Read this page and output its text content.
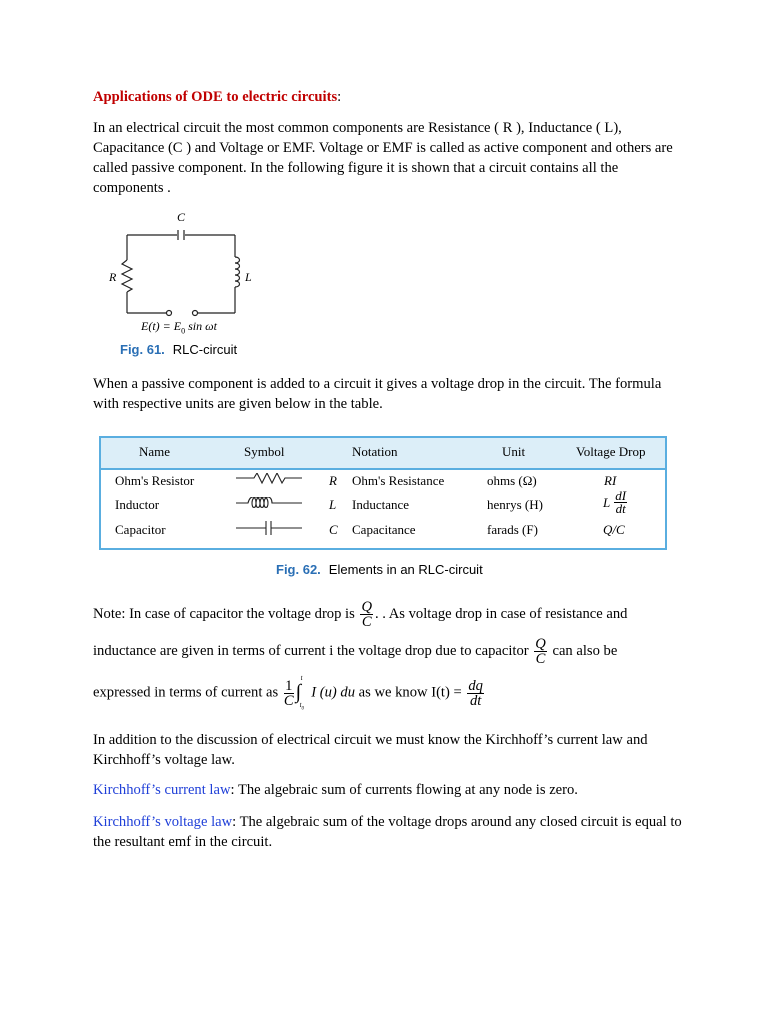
Applications of ODE to electric circuits:

In an electrical circuit the most common components are Resistance ( R ), Inductance ( L), Capacitance (C ) and Voltage or EMF. Voltage or EMF is called as active component and others are called passive component. In the following figure it is shown that a circuit contains all the components .

When a passive component is added to a circuit it gives a voltage drop in the circuit. The formula with respective units are given below in the table.

Note: In case of capacitor the voltage drop is $\frac{Q}{C}$ . . As voltage drop in case of resistance and

inductance are given in terms of current i the voltage drop due to capacitor $\frac{Q}{C}$ can also be

expressed in terms of current as $\frac{1}{C}$
t
∫
$t_0$
I (u) du as we know $I(t) = \frac{dq}{dt}$

In addition to the discussion of electrical circuit we must know the Kirchhoff’s current law and Kirchhoff’s voltage law.

Kirchhoff’s current law: The algebraic sum of currents flowing at any node is zero.

Kirchhoff’s voltage law: The algebraic sum of the voltage drops around any closed circuit is equal to the resultant emf in the circuit.

C
R	L
$E(t) = E_0$ sin ωt
Fig. 61. RLC-circuit
Name	Symbol	Notation	Unit	Voltage Drop
Ohm's Resistor	R Ohm's Resistance	ohms (Ω)	RI
Inductor	L Inductance	henrys (H)	L $\frac{dI}{dt}$
Capacitor	C Capacitance	farads (F)	Q/C
Fig. 62. Elements in an RLC-circuit
